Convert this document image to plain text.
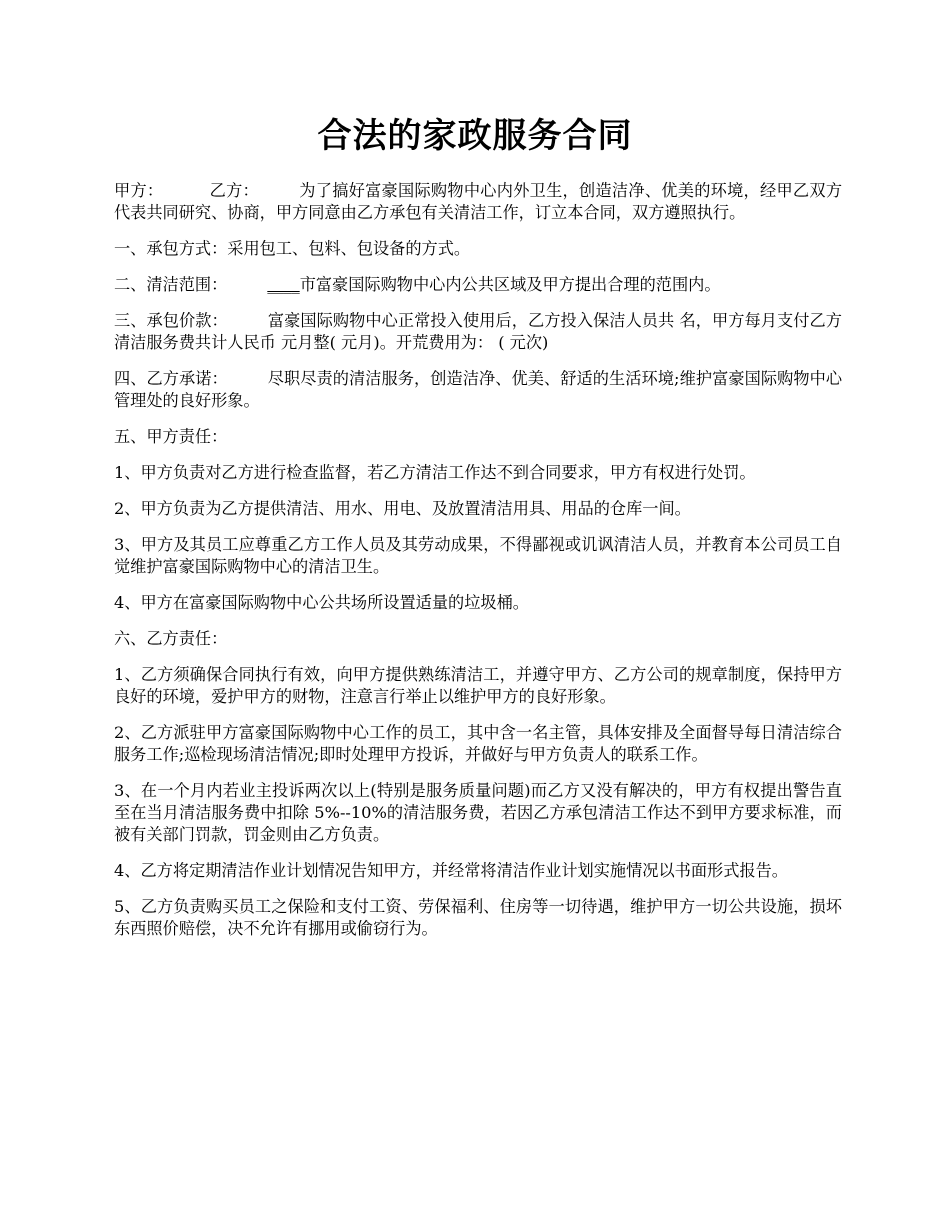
合法的家政服务合同

甲方：	乙方： 为了搞好富豪国际购物中心内外卫生，创造洁净、优美的环境，经甲乙双方代表共同研究、协商，甲方同意由乙方承包有关清洁工作，订立本合同，双方遵照执行。

一、承包方式：采用包工、包料、包设备的方式。

二、清洁范围： ____市富豪国际购物中心内公共区域及甲方提出合理的范围内。

三、承包价款： 富豪国际购物中心正常投入使用后，乙方投入保洁人员共 名，甲方每月支付乙方清洁服务费共计人民币 元月整( 元月)。开荒费用为： ( 元次)

四、乙方承诺： 尽职尽责的清洁服务，创造洁净、优美、舒适的生活环境;维护富豪国际购物中心管理处的良好形象。

五、甲方责任：

1、甲方负责对乙方进行检查监督，若乙方清洁工作达不到合同要求，甲方有权进行处罚。

2、甲方负责为乙方提供清洁、用水、用电、及放置清洁用具、用品的仓库一间。

3、甲方及其员工应尊重乙方工作人员及其劳动成果，不得鄙视或讥讽清洁人员，并教育本公司员工自觉维护富豪国际购物中心的清洁卫生。

4、甲方在富豪国际购物中心公共场所设置适量的垃圾桶。

六、乙方责任：

1、乙方须确保合同执行有效，向甲方提供熟练清洁工，并遵守甲方、乙方公司的规章制度，保持甲方良好的环境，爱护甲方的财物，注意言行举止以维护甲方的良好形象。

2、乙方派驻甲方富豪国际购物中心工作的员工，其中含一名主管，具体安排及全面督导每日清洁综合服务工作;巡检现场清洁情况;即时处理甲方投诉，并做好与甲方负责人的联系工作。

3、在一个月内若业主投诉两次以上(特别是服务质量问题)而乙方又没有解决的，甲方有权提出警告直至在当月清洁服务费中扣除 5%--10%的清洁服务费，若因乙方承包清洁工作达不到甲方要求标准，而被有关部门罚款，罚金则由乙方负责。

4、乙方将定期清洁作业计划情况告知甲方，并经常将清洁作业计划实施情况以书面形式报告。

5、乙方负责购买员工之保险和支付工资、劳保福利、住房等一切待遇，维护甲方一切公共设施，损坏东西照价赔偿，决不允许有挪用或偷窃行为。
